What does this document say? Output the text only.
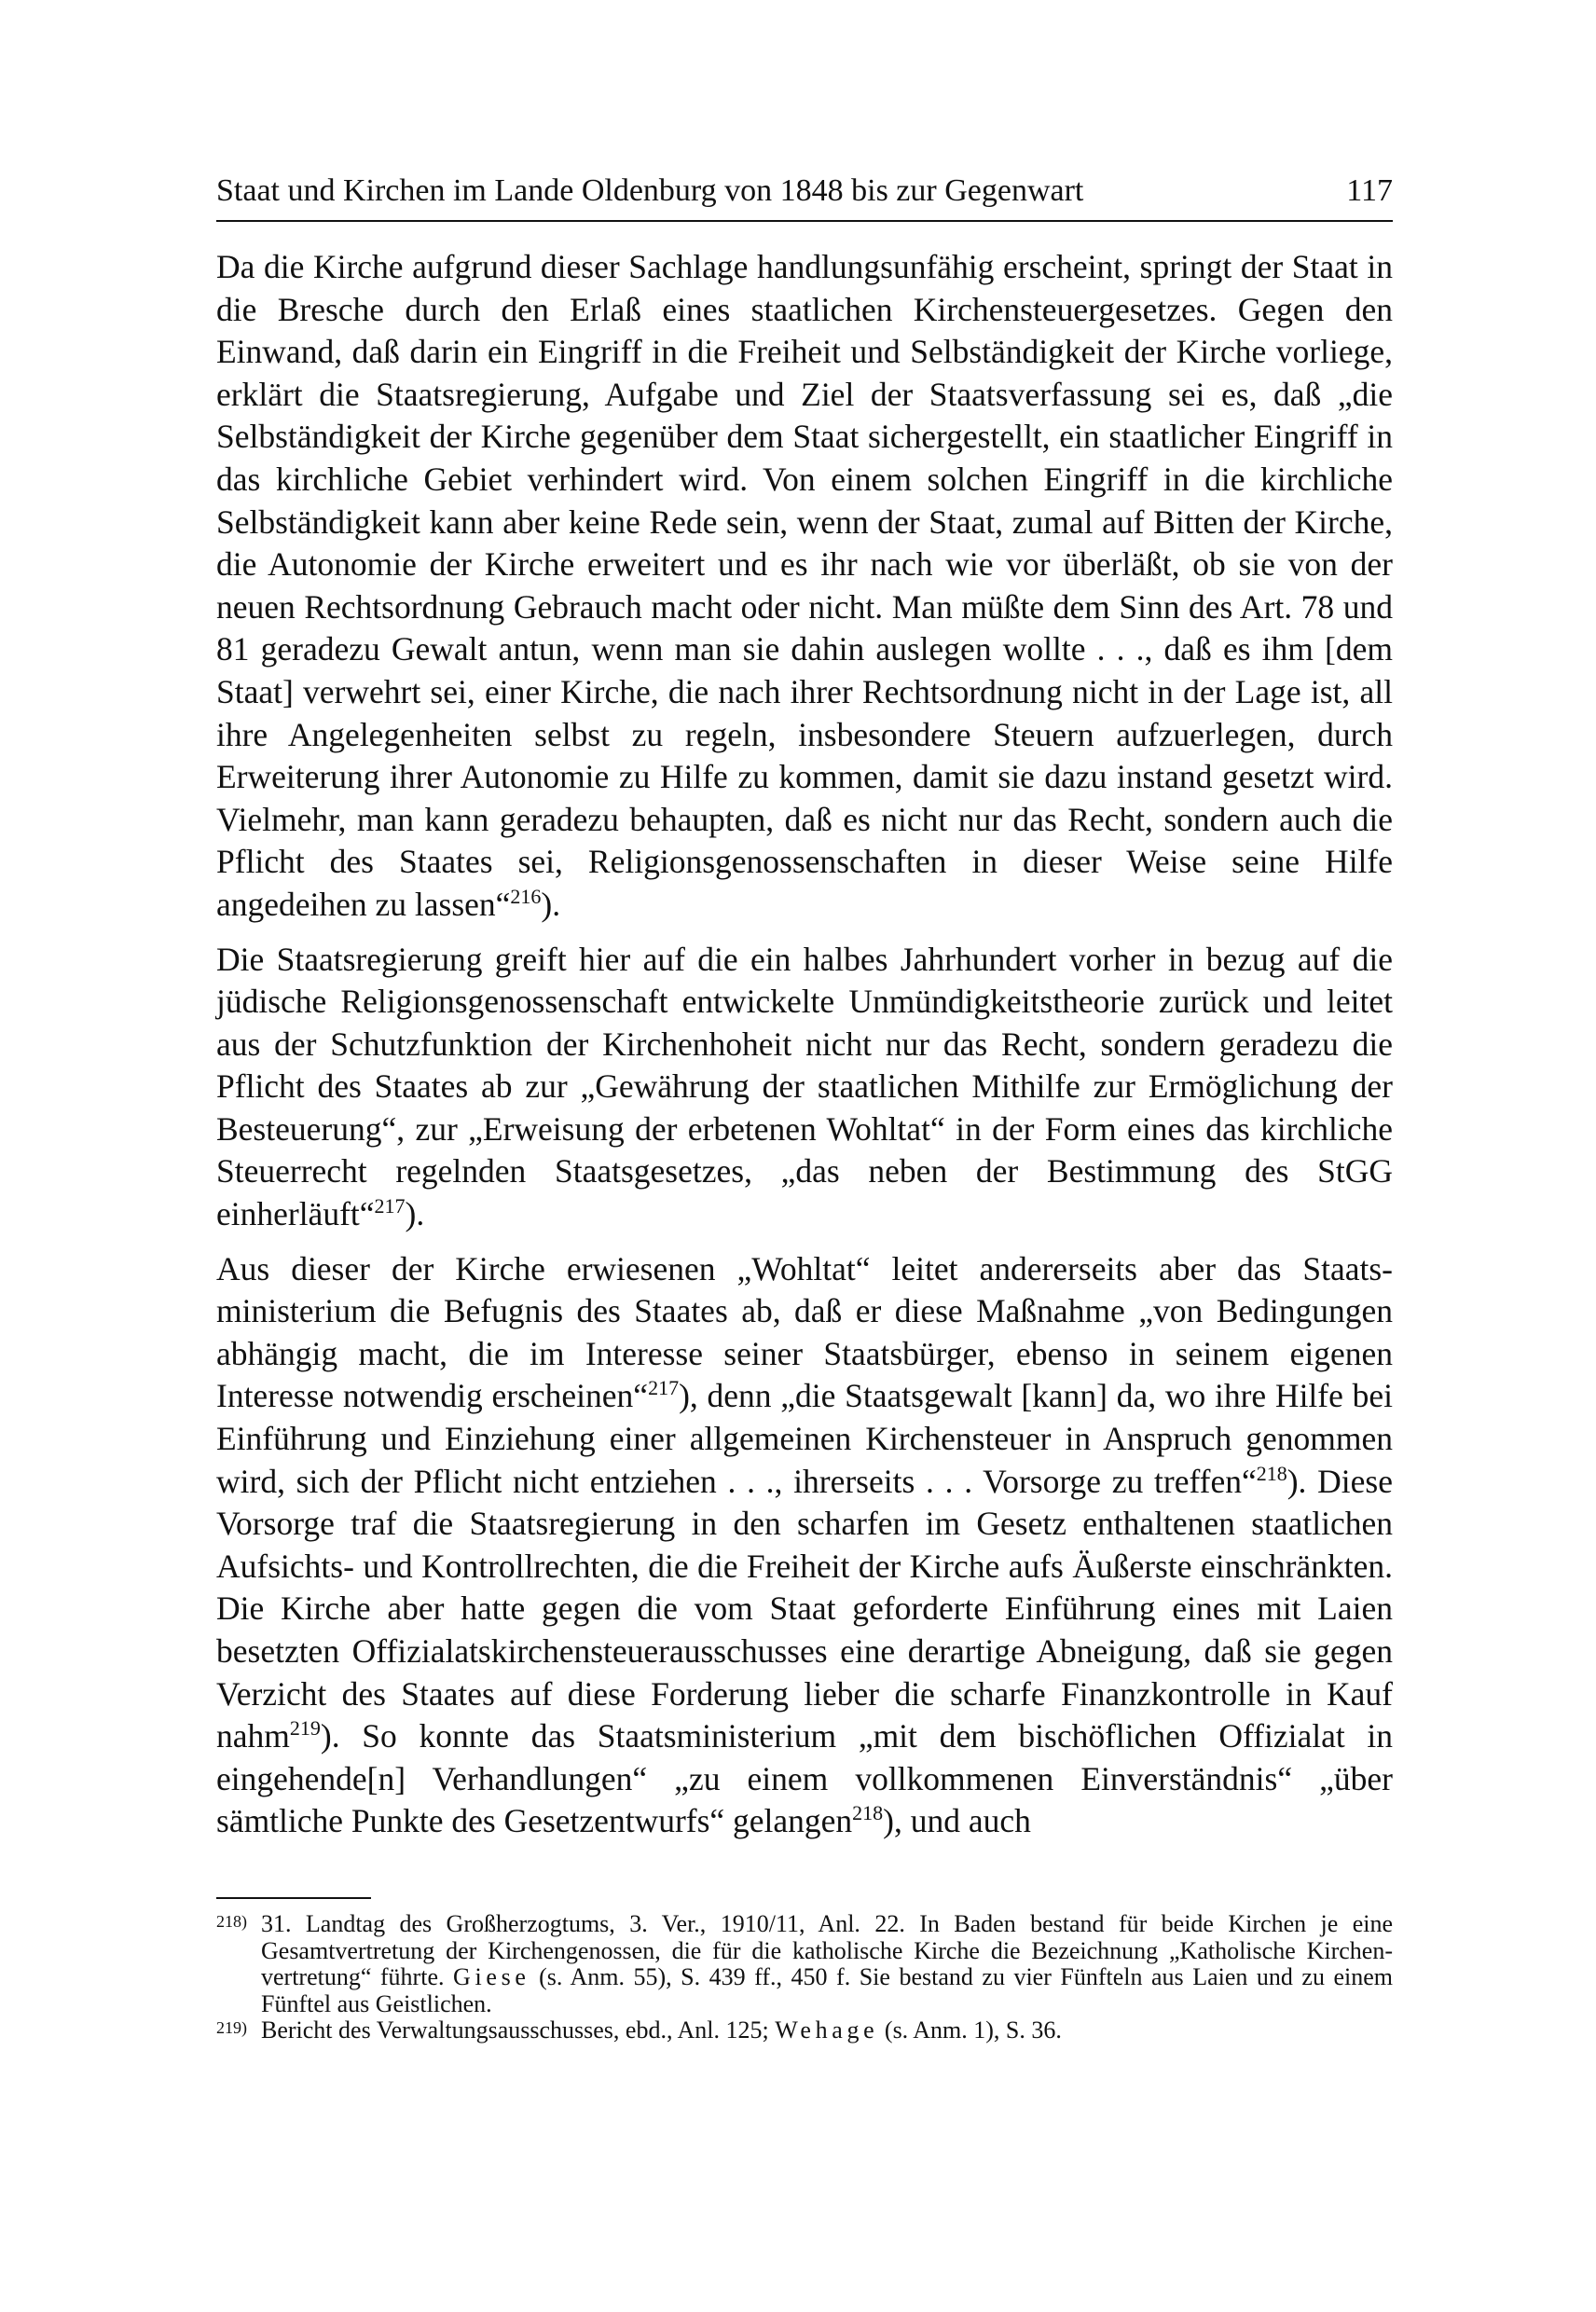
Staat und Kirchen im Lande Oldenburg von 1848 bis zur Gegenwart	117

Da die Kirche aufgrund dieser Sachlage handlungsunfähig erscheint, springt der Staat in die Bresche durch den Erlaß eines staatlichen Kirchensteuergesetzes. Gegen den Einwand, daß darin ein Eingriff in die Freiheit und Selbständigkeit der Kirche vorliege, erklärt die Staatsregierung, Aufgabe und Ziel der Staatsverfassung sei es, daß „die Selbständigkeit der Kirche gegenüber dem Staat sichergestellt, ein staatlicher Eingriff in das kirchliche Gebiet verhindert wird. Von einem solchen Eingriff in die kirchliche Selbständigkeit kann aber keine Rede sein, wenn der Staat, zumal auf Bitten der Kirche, die Autonomie der Kirche erweitert und es ihr nach wie vor überläßt, ob sie von der neuen Rechtsordnung Gebrauch macht oder nicht. Man müßte dem Sinn des Art. 78 und 81 geradezu Gewalt antun, wenn man sie dahin auslegen wollte . . ., daß es ihm [dem Staat] verwehrt sei, einer Kirche, die nach ihrer Rechtsordnung nicht in der Lage ist, all ihre Angelegenheiten selbst zu regeln, insbesondere Steuern aufzuerlegen, durch Erweiterung ihrer Autonomie zu Hilfe zu kommen, damit sie dazu instand gesetzt wird. Vielmehr, man kann geradezu behaupten, daß es nicht nur das Recht, sondern auch die Pflicht des Staates sei, Religionsgenossenschaften in dieser Weise seine Hilfe angedeihen zu lassen“$^{216}$).

Die Staatsregierung greift hier auf die ein halbes Jahrhundert vorher in bezug auf die jüdische Religionsgenossenschaft entwickelte Unmündigkeitstheorie zurück und leitet aus der Schutzfunktion der Kirchenhoheit nicht nur das Recht, sondern geradezu die Pflicht des Staates ab zur „Gewährung der staatlichen Mithilfe zur Ermöglichung der Besteuerung“, zur „Erweisung der erbetenen Wohltat“ in der Form eines das kirchliche Steuerrecht regelnden Staatsgesetzes, „das neben der Bestimmung des StGG einherläuft“$^{217}$).

Aus dieser der Kirche erwiesenen „Wohltat“ leitet andererseits aber das Staatsministerium die Befugnis des Staates ab, daß er diese Maßnahme „von Bedingungen abhängig macht, die im Interesse seiner Staatsbürger, ebenso in seinem eigenen Interesse notwendig erscheinen“$^{217}$), denn „die Staatsgewalt [kann] da, wo ihre Hilfe bei Einführung und Einziehung einer allgemeinen Kirchensteuer in Anspruch genommen wird, sich der Pflicht nicht entziehen . . ., ihrerseits . . . Vorsorge zu treffen“$^{218}$). Diese Vorsorge traf die Staatsregierung in den scharfen im Gesetz enthaltenen staatlichen Aufsichts- und Kontrollrechten, die die Freiheit der Kirche aufs Äußerste einschränkten. Die Kirche aber hatte gegen die vom Staat geforderte Einführung eines mit Laien besetzten Offizialatskirchensteuerausschusses eine derartige Abneigung, daß sie gegen Verzicht des Staates auf diese Forderung lieber die scharfe Finanzkontrolle in Kauf nahm$^{219}$). So konnte das Staatsministerium „mit dem bischöflichen Offizialat in eingehende[n] Verhandlungen“ „zu einem vollkommenen Einverständnis“ „über sämtliche Punkte des Gesetzentwurfs“ gelangen$^{218}$), und auch

218) 31. Landtag des Großherzogtums, 3. Ver., 1910/11, Anl. 22. In Baden bestand für beide Kirchen je eine Gesamtvertretung der Kirchengenossen, die für die katholische Kirche die Bezeichnung „Katholische Kirchenvertretung“ führte. Giese (s. Anm. 55), S. 439 ff., 450 f. Sie bestand zu vier Fünfteln aus Laien und zu einem Fünftel aus Geistlichen.

219) Bericht des Verwaltungsausschusses, ebd., Anl. 125; Wehage (s. Anm. 1), S. 36.
